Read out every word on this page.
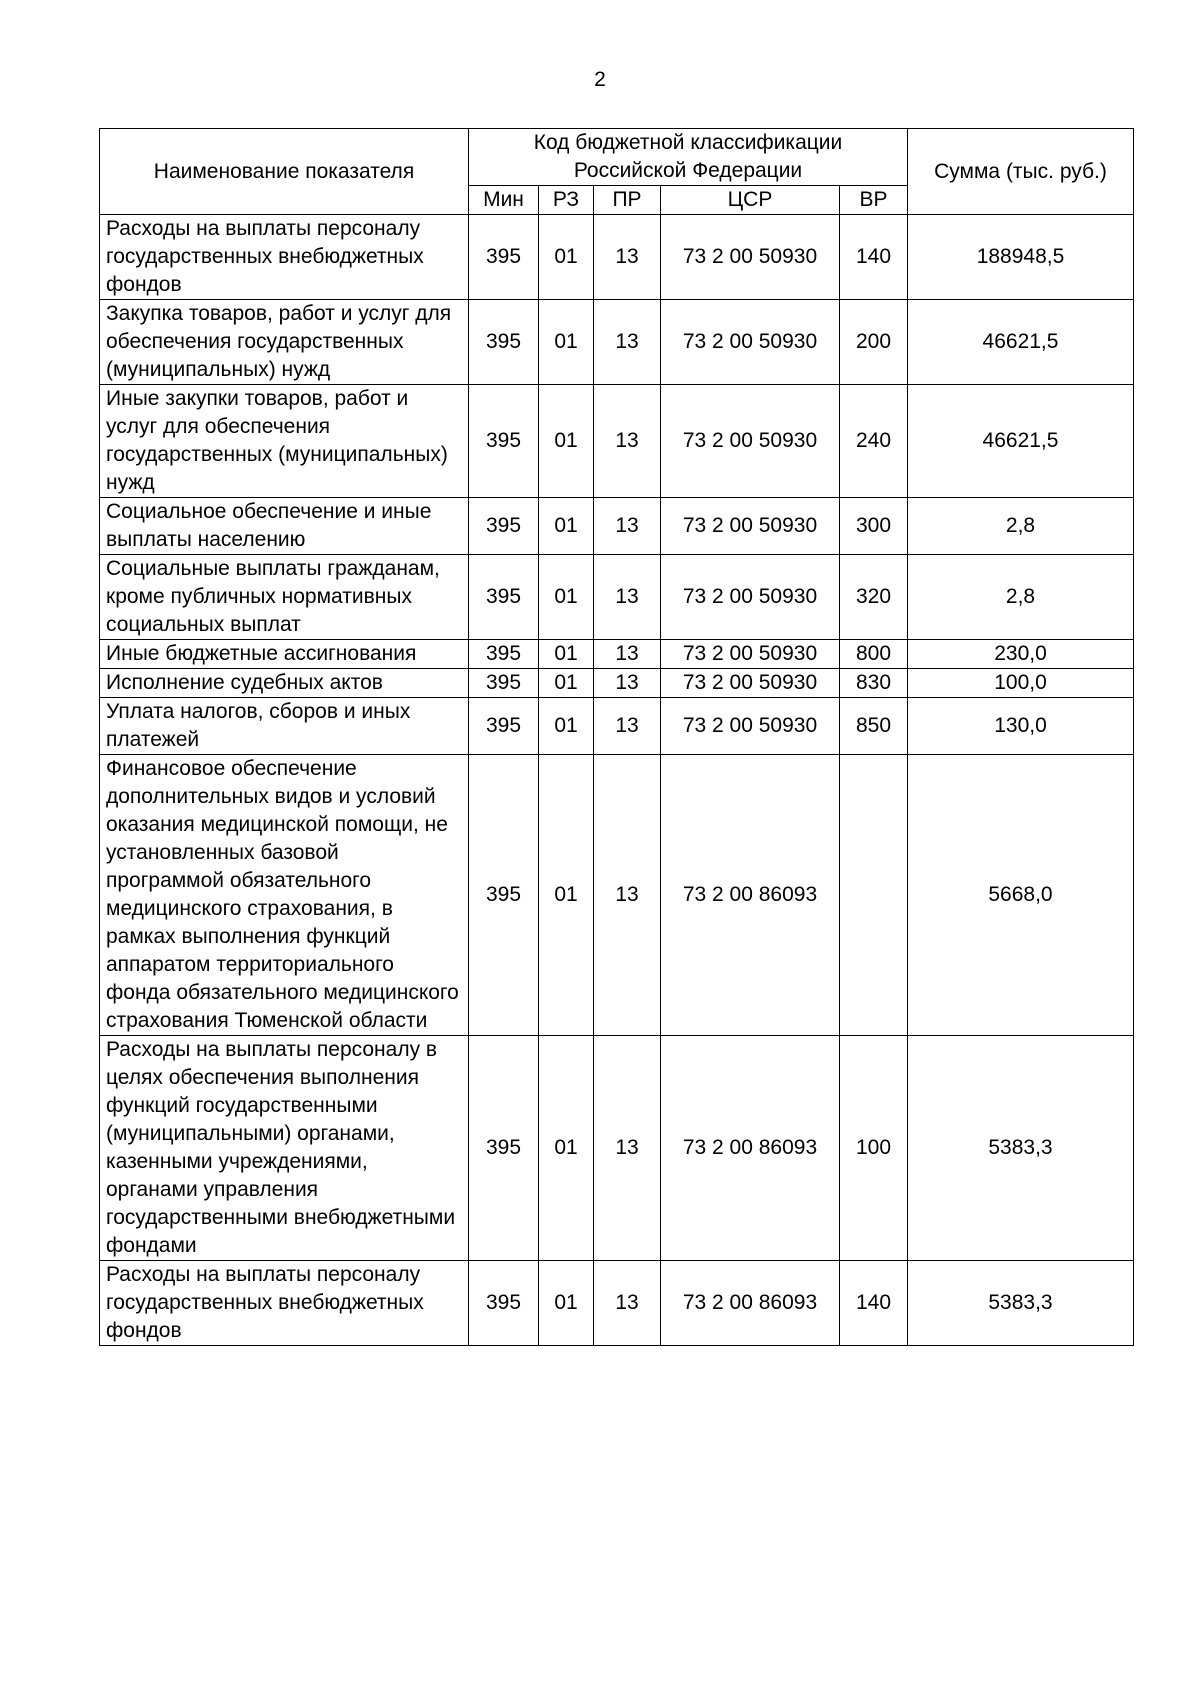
2
Наименование показателя	Код бюджетной классификации Российской Федерации					Сумма (тыс. руб.)
	Мин	РЗ	ПР	ЦСР	ВР	
Расходы на выплаты персоналу государственных внебюджетных фондов	395	01	13	73 2 00 50930	140	188948,5
Закупка товаров, работ и услуг для обеспечения государственных (муниципальных) нужд	395	01	13	73 2 00 50930	200	46621,5
Иные закупки товаров, работ и услуг для обеспечения государственных (муниципальных) нужд	395	01	13	73 2 00 50930	240	46621,5
Социальное обеспечение и иные выплаты населению	395	01	13	73 2 00 50930	300	2,8
Социальные выплаты гражданам, кроме публичных нормативных социальных выплат	395	01	13	73 2 00 50930	320	2,8
Иные бюджетные ассигнования	395	01	13	73 2 00 50930	800	230,0
Исполнение судебных актов	395	01	13	73 2 00 50930	830	100,0
Уплата налогов, сборов и иных платежей	395	01	13	73 2 00 50930	850	130,0
Финансовое обеспечение дополнительных видов и условий оказания медицинской помощи, не установленных базовой программой обязательного медицинского страхования, в рамках выполнения функций аппаратом территориального фонда обязательного медицинского страхования Тюменской области	395	01	13	73 2 00 86093		5668,0
Расходы на выплаты персоналу в целях обеспечения выполнения функций государственными (муниципальными) органами, казенными учреждениями, органами управления государственными внебюджетными фондами	395	01	13	73 2 00 86093	100	5383,3
Расходы на выплаты персоналу государственных внебюджетных фондов	395	01	13	73 2 00 86093	140	5383,3
